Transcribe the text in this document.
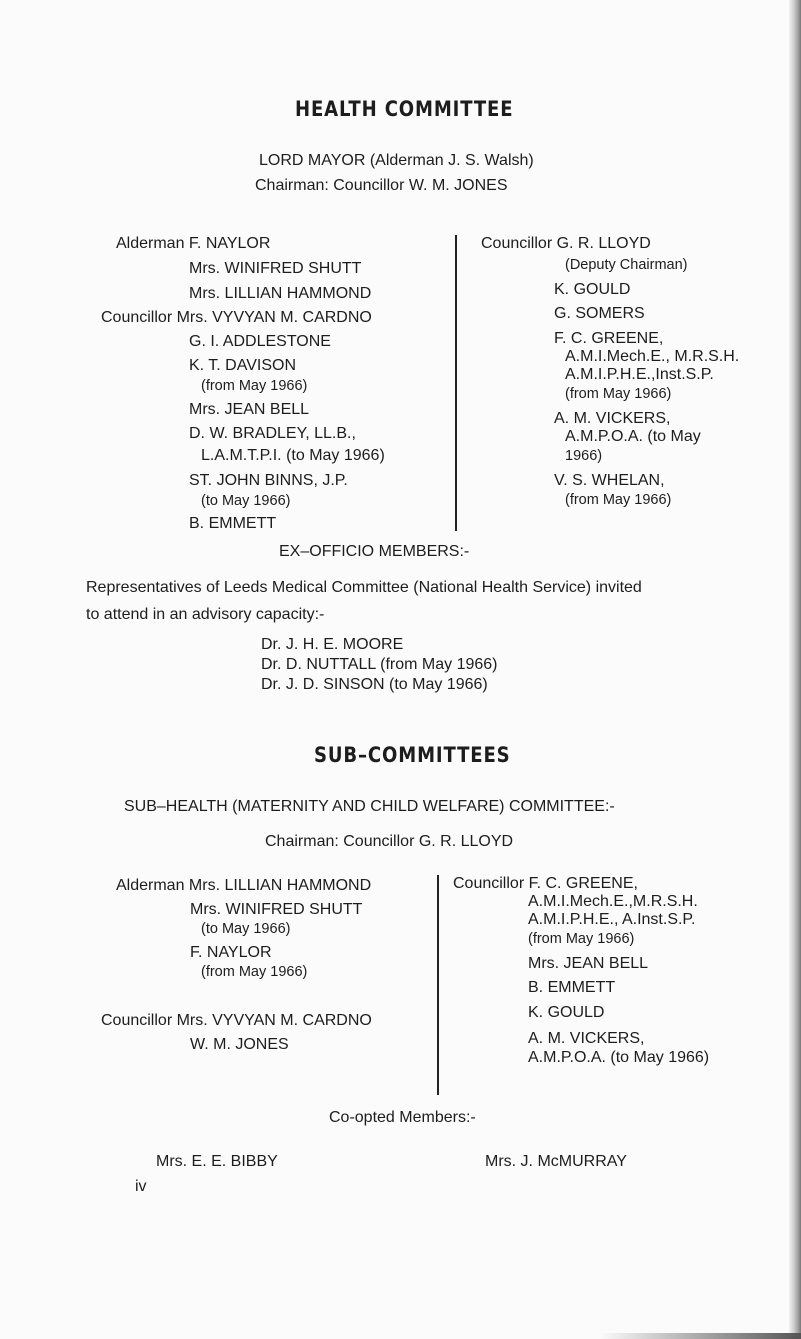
HEALTH COMMITTEE
LORD MAYOR (Alderman J. S. Walsh)
Chairman: Councillor W. M. JONES
Alderman F. NAYLOR
Mrs. WINIFRED SHUTT
Mrs. LILLIAN HAMMOND
Councillor Mrs. VYVYAN M. CARDNO
G. I. ADDLESTONE
K. T. DAVISON
(from May 1966)
Mrs. JEAN BELL
D. W. BRADLEY, LL.B.,
L.A.M.T.P.I. (to May 1966)
ST. JOHN BINNS, J.P.
(to May 1966)
B. EMMETT
Councillor G. R. LLOYD
(Deputy Chairman)
K. GOULD
G. SOMERS
F. C. GREENE,
A.M.I.Mech.E., M.R.S.H.
A.M.I.P.H.E.,Inst.S.P.
(from May 1966)
A. M. VICKERS,
A.M.P.O.A. (to May
1966)
V. S. WHELAN,
(from May 1966)
EX–OFFICIO MEMBERS:-
Representatives of Leeds Medical Committee (National Health Service) invited
to attend in an advisory capacity:-
Dr. J. H. E. MOORE
Dr. D. NUTTALL (from May 1966)
Dr. J. D. SINSON (to May 1966)
SUB–COMMITTEES
SUB–HEALTH (MATERNITY AND CHILD WELFARE) COMMITTEE:-
Chairman: Councillor G. R. LLOYD
Alderman Mrs. LILLIAN HAMMOND
Mrs. WINIFRED SHUTT
(to May 1966)
F. NAYLOR
(from May 1966)
Councillor Mrs. VYVYAN M. CARDNO
W. M. JONES
Councillor F. C. GREENE,
A.M.I.Mech.E.,M.R.S.H.
A.M.I.P.H.E., A.Inst.S.P.
(from May 1966)
Mrs. JEAN BELL
B. EMMETT
K. GOULD
A. M. VICKERS,
A.M.P.O.A. (to May 1966)
Co-opted Members:-
Mrs. E. E. BIBBY	Mrs. J. McMURRAY
iv
